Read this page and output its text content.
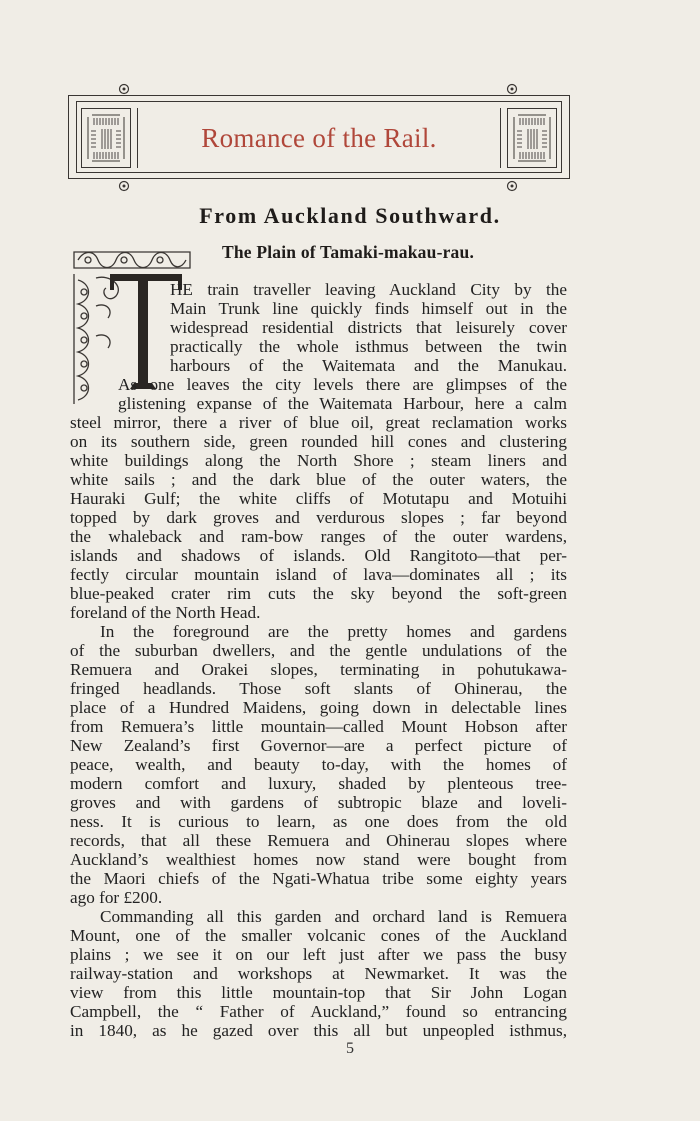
Romance of the Rail.
From Auckland Southward.
The Plain of Tamaki-makau-rau.
HE train traveller leaving Auckland City by the
Main Trunk line quickly finds himself out in the
widespread residential districts that leisurely cover
practically the whole isthmus between the twin
harbours of the Waitemata and the Manukau.
As one leaves the city levels there are glimpses of the
glistening expanse of the Waitemata Harbour, here a calm
steel mirror, there a river of blue oil, great reclamation works
on its southern side, green rounded hill cones and clustering
white buildings along the North Shore ; steam liners and
white sails ; and the dark blue of the outer waters, the
Hauraki Gulf; the white cliffs of Motutapu and Motuihi
topped by dark groves and verdurous slopes ; far beyond
the whaleback and ram-bow ranges of the outer wardens,
islands and shadows of islands. Old Rangitoto—that per-
fectly circular mountain island of lava—dominates all ; its
blue-peaked crater rim cuts the sky beyond the soft-green
foreland of the North Head.
In the foreground are the pretty homes and gardens
of the suburban dwellers, and the gentle undulations of the
Remuera and Orakei slopes, terminating in pohutukawa-
fringed headlands. Those soft slants of Ohinerau, the
place of a Hundred Maidens, going down in delectable lines
from Remuera’s little mountain—called Mount Hobson after
New Zealand’s first Governor—are a perfect picture of
peace, wealth, and beauty to-day, with the homes of
modern comfort and luxury, shaded by plenteous tree-
groves and with gardens of subtropic blaze and loveli-
ness. It is curious to learn, as one does from the old
records, that all these Remuera and Ohinerau slopes where
Auckland’s wealthiest homes now stand were bought from
the Maori chiefs of the Ngati-Whatua tribe some eighty years
ago for £200.
Commanding all this garden and orchard land is Remuera
Mount, one of the smaller volcanic cones of the Auckland
plains ; we see it on our left just after we pass the busy
railway-station and workshops at Newmarket. It was the
view from this little mountain-top that Sir John Logan
Campbell, the “ Father of Auckland,” found so entrancing
in 1840, as he gazed over this all but unpeopled isthmus,
5
